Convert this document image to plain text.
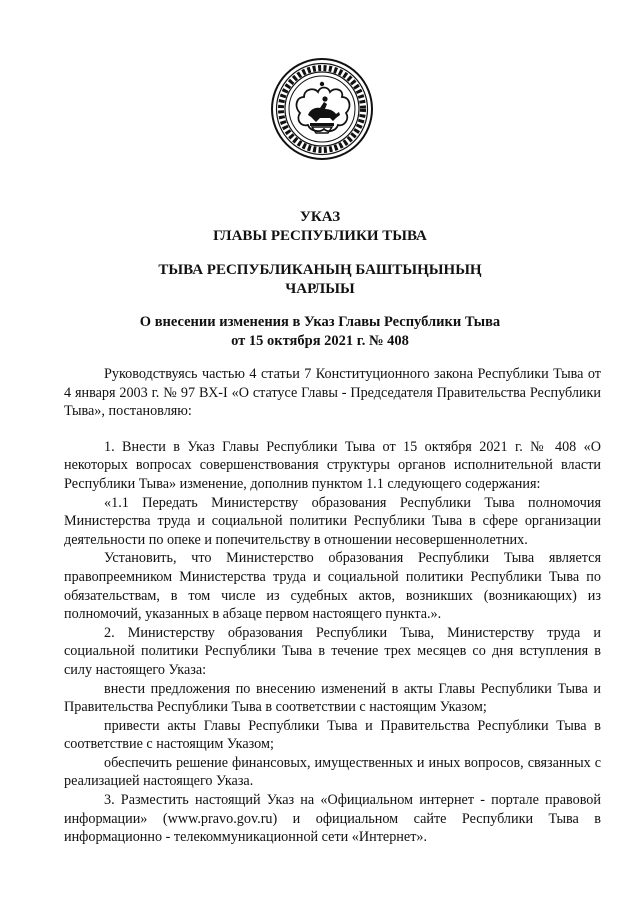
УКАЗ
ГЛАВЫ РЕСПУБЛИКИ ТЫВА
ТЫВА РЕСПУБЛИКАНЫҢ БАШТЫҢЫНЫҢ
ЧАРЛЫЫ
О внесении изменения в Указ Главы Республики Тыва
от 15 октября 2021 г. № 408

Руководствуясь частью 4 статьи 7 Конституционного закона Республики Тыва от 4 января 2003 г. № 97 ВХ-I «О статусе Главы - Председателя Правительства Республики Тыва», постановляю:

1. Внести в Указ Главы Республики Тыва от 15 октября 2021 г. № 408 «О некоторых вопросах совершенствования структуры органов исполнительной власти Республики Тыва» изменение, дополнив пунктом 1.1 следующего содержания:

«1.1 Передать Министерству образования Республики Тыва полномочия Министерства труда и социальной политики Республики Тыва в сфере организации деятельности по опеке и попечительству в отношении несовершеннолетних.

Установить, что Министерство образования Республики Тыва является правопреемником Министерства труда и социальной политики Республики Тыва по обязательствам, в том числе из судебных актов, возникших (возникающих) из полномочий, указанных в абзаце первом настоящего пункта.».

2. Министерству образования Республики Тыва, Министерству труда и социальной политики Республики Тыва в течение трех месяцев со дня вступления в силу настоящего Указа:

внести предложения по внесению изменений в акты Главы Республики Тыва и Правительства Республики Тыва в соответствии с настоящим Указом;

привести акты Главы Республики Тыва и Правительства Республики Тыва в соответствие с настоящим Указом;

обеспечить решение финансовых, имущественных и иных вопросов, связанных с реализацией настоящего Указа.

3. Разместить настоящий Указ на «Официальном интернет - портале правовой информации» (www.pravo.gov.ru) и официальном сайте Республики Тыва в информационно - телекоммуникационной сети «Интернет».
